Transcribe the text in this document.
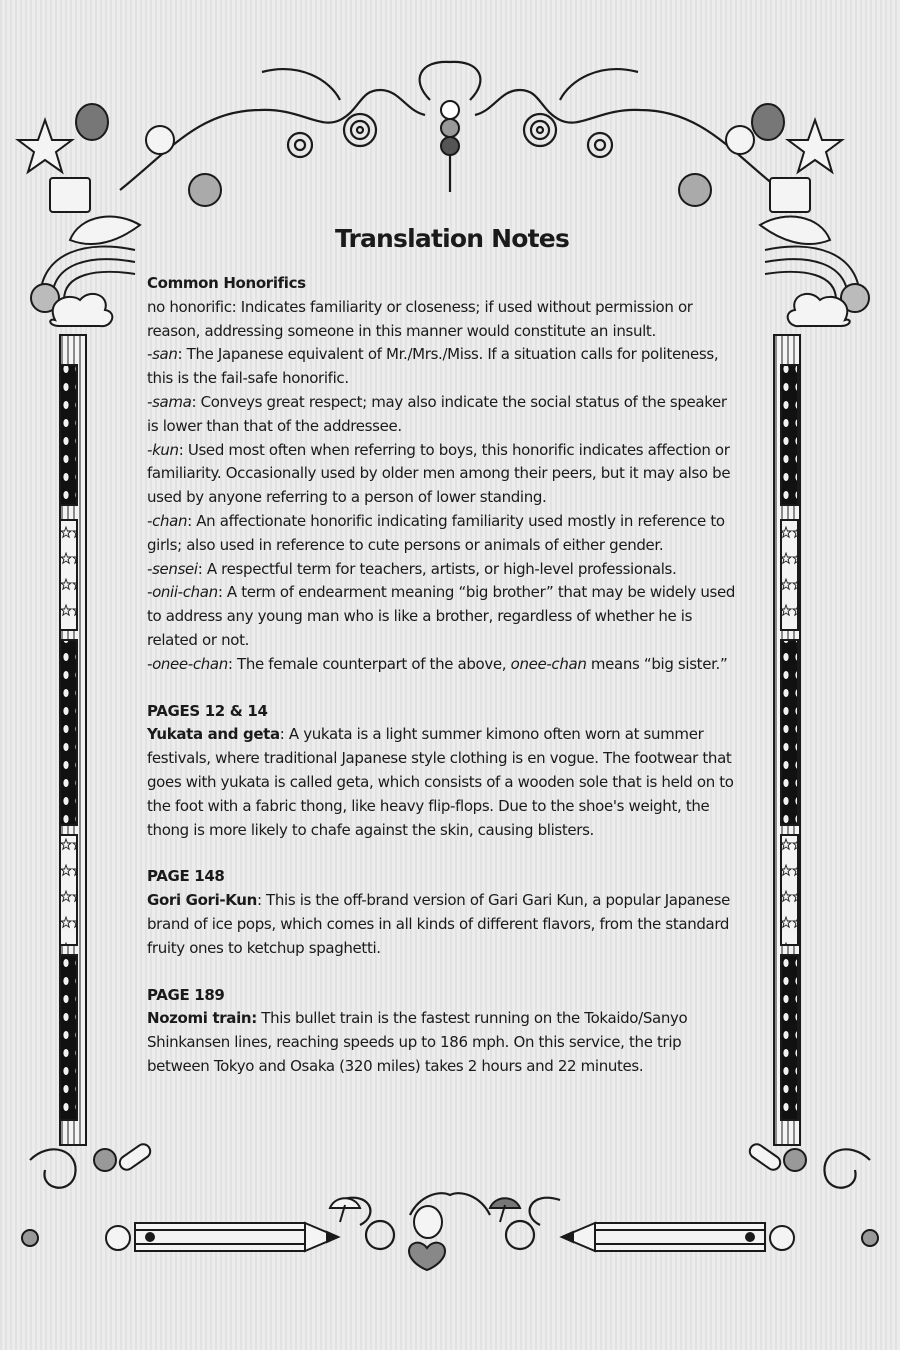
Translation Notes

Common Honorifics

no honorific: Indicates familiarity or closeness; if used without permission or reason, addressing someone in this manner would constitute an insult.

-san: The Japanese equivalent of Mr./Mrs./Miss. If a situation calls for politeness, this is the fail-safe honorific.

-sama: Conveys great respect; may also indicate the social status of the speaker is lower than that of the addressee.

-kun: Used most often when referring to boys, this honorific indicates affection or familiarity. Occasionally used by older men among their peers, but it may also be used by anyone referring to a person of lower standing.

-chan: An affectionate honorific indicating familiarity used mostly in reference to girls; also used in reference to cute persons or animals of either gender.

-sensei: A respectful term for teachers, artists, or high-level professionals.

-onii-chan: A term of endearment meaning “big brother” that may be widely used to address any young man who is like a brother, regardless of whether he is related or not.

-onee-chan: The female counterpart of the above, onee-chan means “big sister.”

PAGES 12 & 14

Yukata and geta: A yukata is a light summer kimono often worn at summer festivals, where traditional Japanese style clothing is en vogue. The footwear that goes with yukata is called geta, which consists of a wooden sole that is held on to the foot with a fabric thong, like heavy flip-flops. Due to the shoe's weight, the thong is more likely to chafe against the skin, causing blisters.

PAGE 148

Gori Gori-Kun: This is the off-brand version of Gari Gari Kun, a popular Japanese brand of ice pops, which comes in all kinds of different flavors, from the standard fruity ones to ketchup spaghetti.

PAGE 189

Nozomi train: This bullet train is the fastest running on the Tokaido/Sanyo Shinkansen lines, reaching speeds up to 186 mph. On this service, the trip between Tokyo and Osaka (320 miles) takes 2 hours and 22 minutes.
